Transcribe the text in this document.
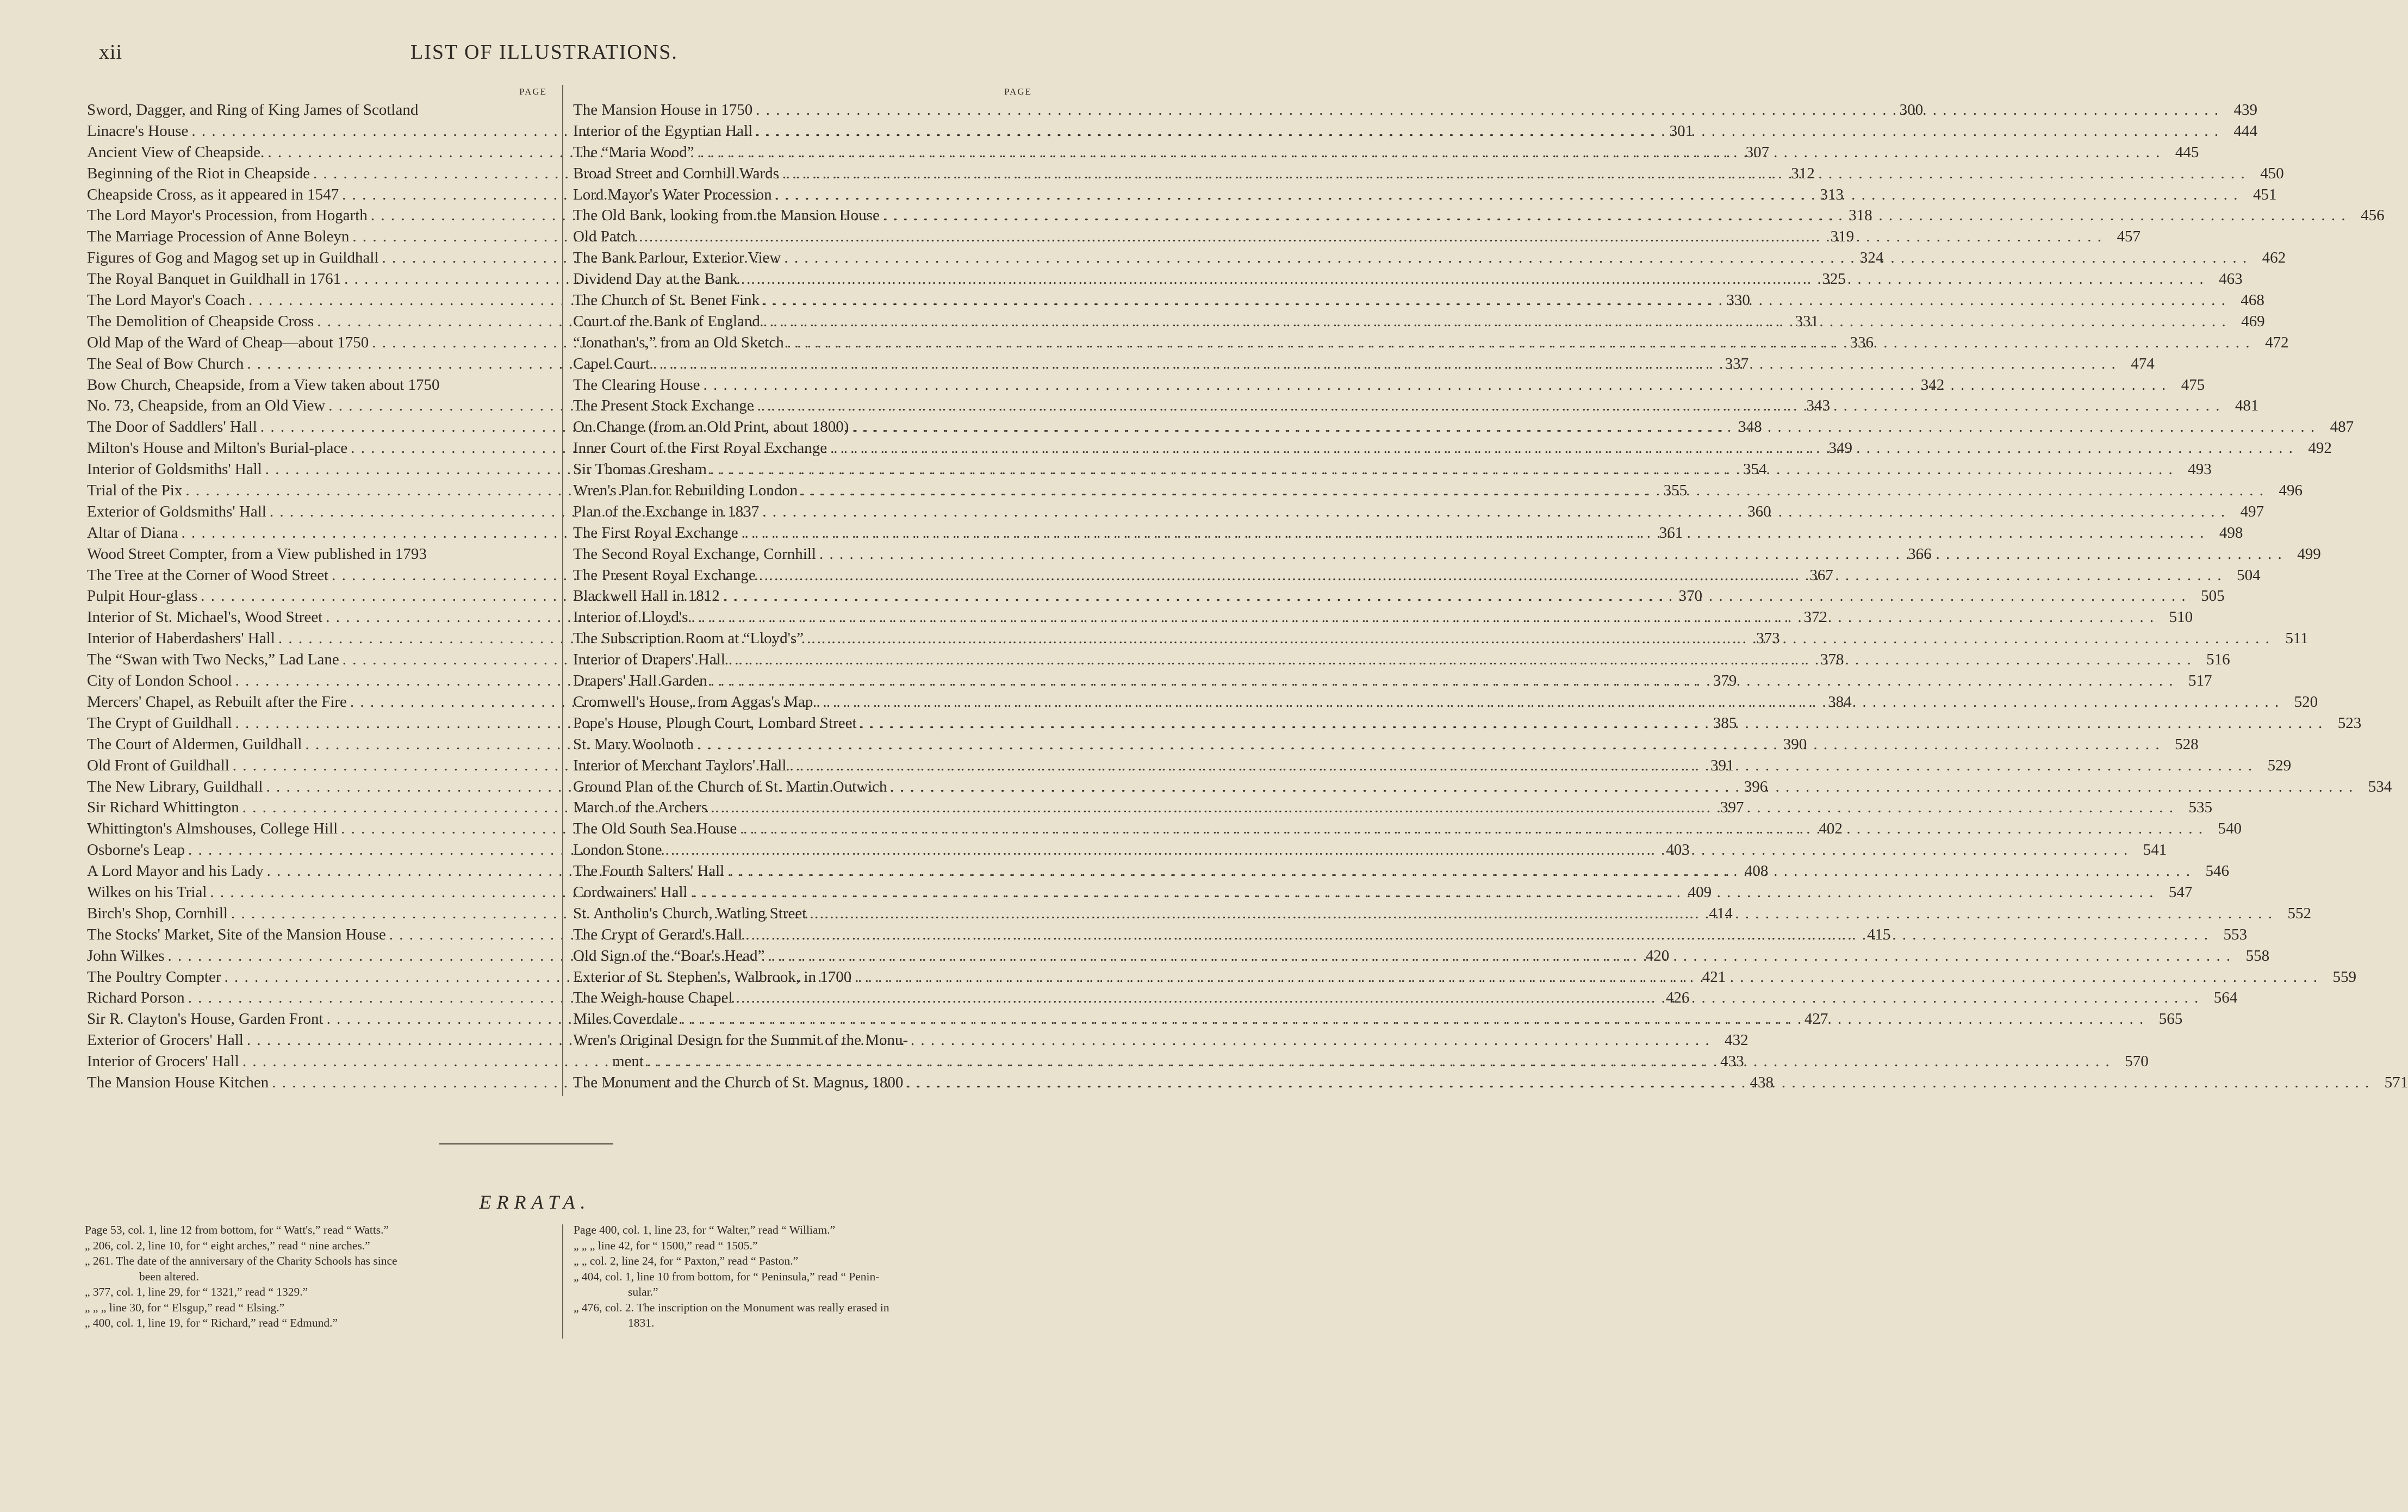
xii	LIST OF ILLUSTRATIONS.
PAGE
Sword, Dagger, and Ring of King James of Scotland	300
Linacre's House . . .	301
Ancient View of Cheapside. . . .	307
Beginning of the Riot in Cheapside . . .	312
Cheapside Cross, as it appeared in 1547 . . .	313
The Lord Mayor's Procession, from Hogarth . . .	318
The Marriage Procession of Anne Boleyn . . .	319
Figures of Gog and Magog set up in Guildhall . . .	324
The Royal Banquet in Guildhall in 1761 . . .	325
The Lord Mayor's Coach . . .	330
The Demolition of Cheapside Cross . . .	331
Old Map of the Ward of Cheap—about 1750 . . .	336
The Seal of Bow Church . . .	337
Bow Church, Cheapside, from a View taken about 1750	342
No. 73, Cheapside, from an Old View . . .	343
The Door of Saddlers' Hall . . .	348
Milton's House and Milton's Burial-place . . .	349
Interior of Goldsmiths' Hall . . .	354
Trial of the Pix . . .	355
Exterior of Goldsmiths' Hall . . .	360
Altar of Diana . . .	361
Wood Street Compter, from a View published in 1793	366
The Tree at the Corner of Wood Street . . .	367
Pulpit Hour-glass . . .	370
Interior of St. Michael's, Wood Street . . .	372
Interior of Haberdashers' Hall . . .	373
The “Swan with Two Necks,” Lad Lane . . .	378
City of London School . . .	379
Mercers' Chapel, as Rebuilt after the Fire . . .	384
The Crypt of Guildhall . . .	385
The Court of Aldermen, Guildhall . . .	390
Old Front of Guildhall . . .	391
The New Library, Guildhall . . .	396
Sir Richard Whittington . . .	397
Whittington's Almshouses, College Hill . . .	402
Osborne's Leap . . .	403
A Lord Mayor and his Lady . . .	408
Wilkes on his Trial . . .	409
Birch's Shop, Cornhill . . .	414
The Stocks' Market, Site of the Mansion House . . .	415
John Wilkes . . .	420
The Poultry Compter . . .	421
Richard Porson . . .	426
Sir R. Clayton's House, Garden Front . . .	427
Exterior of Grocers' Hall . . .	432
Interior of Grocers' Hall . . .	433
The Mansion House Kitchen . . .	438
PAGE
The Mansion House in 1750 . . .	439
Interior of the Egyptian Hall . . .	444
The “Maria Wood” . . .	445
Broad Street and Cornhill Wards . . .	450
Lord Mayor's Water Procession . . .	451
The Old Bank, looking from the Mansion House . . .	456
Old Patch . . .	457
The Bank Parlour, Exterior View . . .	462
Dividend Day at the Bank . . .	463
The Church of St. Benet Fink . . .	468
Court of the Bank of England . . .	469
“Jonathan's,” from an Old Sketch . . .	472
Capel Court . . .	474
The Clearing House . . .	475
The Present Stock Exchange . . .	481
On Change (from an Old Print, about 1800) . . .	487
Inner Court of the First Royal Exchange . . .	492
Sir Thomas Gresham . . .	493
Wren's Plan for Rebuilding London . . .	496
Plan of the Exchange in 1837 . . .	497
The First Royal Exchange . . .	498
The Second Royal Exchange, Cornhill . . .	499
The Present Royal Exchange . . .	504
Blackwell Hall in 1812 . . .	505
Interior of Lloyd's . . .	510
The Subscription Room at “Lloyd's” . . .	511
Interior of Drapers' Hall . . .	516
Drapers' Hall Garden . . .	517
Cromwell's House, from Aggas's Map . . .	520
Pope's House, Plough Court, Lombard Street . . .	523
St. Mary Woolnoth . . .	528
Interior of Merchant Taylors' Hall . . .	529
Ground Plan of the Church of St. Martin Outwich . . .	534
March of the Archers . . .	535
The Old South Sea House . . .	540
London Stone . . .	541
The Fourth Salters' Hall . . .	546
Cordwainers' Hall . . .	547
St. Antholin's Church, Watling Street . . .	552
The Crypt of Gerard's Hall . . .	553
Old Sign of the “Boar's Head” . . .	558
Exterior of St. Stephen's, Walbrook, in 1700 . . .	559
The Weigh-house Chapel . . .	564
Miles Coverdale . . .	565
Wren's Original Design for the Summit of the Monu-
ment . . .	570
The Monument and the Church of St. Magnus, 1800 . . .	571
ERRATA.
Page 53, col. 1, line 12 from bottom, for “ Watt's,” read “ Watts.”
„ 206, col. 2, line 10, for “ eight arches,” read “ nine arches.”
„ 261. The date of the anniversary of the Charity Schools has since
been altered.
„ 377, col. 1, line 29, for “ 1321,” read “ 1329.”
„ „ „ line 30, for “ Elsgup,” read “ Elsing.”
„ 400, col. 1, line 19, for “ Richard,” read “ Edmund.”
Page 400, col. 1, line 23, for “ Walter,” read “ William.”
„ „ „ line 42, for “ 1500,” read “ 1505.”
„ „ col. 2, line 24, for “ Paxton,” read “ Paston.”
„ 404, col. 1, line 10 from bottom, for “ Peninsula,” read “ Penin-
sular.”
„ 476, col. 2. The inscription on the Monument was really erased in
1831.
